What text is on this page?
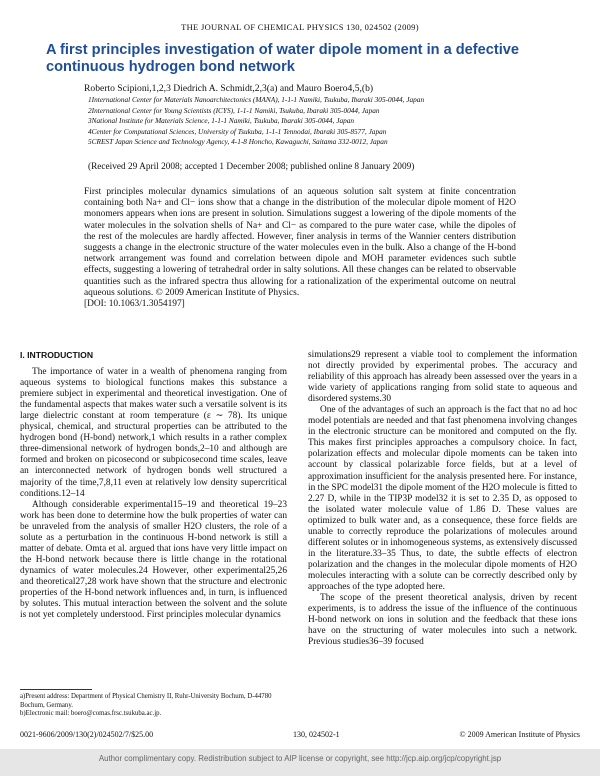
THE JOURNAL OF CHEMICAL PHYSICS 130, 024502 (2009)
A first principles investigation of water dipole moment in a defective continuous hydrogen bond network
Roberto Scipioni,1,2,3 Diedrich A. Schmidt,2,3(a) and Mauro Boero4,5,(b)
1International Center for Materials Nanoarchitectonics (MANA), 1-1-1 Namiki, Tsukuba, Ibaraki 305-0044, Japan
2International Center for Young Scientists (ICYS), 1-1-1 Namiki, Tsukuba, Ibaraki 305-0044, Japan
3National Institute for Materials Science, 1-1-1 Namiki, Tsukuba, Ibaraki 305-0044, Japan
4Center for Computational Sciences, University of Tsukuba, 1-1-1 Tennodai, Ibaraki 305-8577, Japan
5CREST Japan Science and Technology Agency, 4-1-8 Honcho, Kawaguchi, Saitama 332-0012, Japan
(Received 29 April 2008; accepted 1 December 2008; published online 8 January 2009)
First principles molecular dynamics simulations of an aqueous solution salt system at finite concentration containing both Na+ and Cl− ions show that a change in the distribution of the molecular dipole moment of H2O monomers appears when ions are present in solution. Simulations suggest a lowering of the dipole moments of the water molecules in the solvation shells of Na+ and Cl− as compared to the pure water case, while the dipoles of the rest of the molecules are hardly affected. However, finer analysis in terms of the Wannier centers distribution suggests a change in the electronic structure of the water molecules even in the bulk. Also a change of the H-bond network arrangement was found and correlation between dipole and MOH parameter evidences such subtle effects, suggesting a lowering of tetrahedral order in salty solutions. All these changes can be related to observable quantities such as the infrared spectra thus allowing for a rationalization of the experimental outcome on neutral aqueous solutions. © 2009 American Institute of Physics.
[DOI: 10.1063/1.3054197]
I. INTRODUCTION

The importance of water in a wealth of phenomena ranging from aqueous systems to biological functions makes this substance a premiere subject in experimental and theoretical investigation. One of the fundamental aspects that makes water such a versatile solvent is its large dielectric constant at room temperature (ε ∼ 78). Its unique physical, chemical, and structural properties can be attributed to the hydrogen bond (H-bond) network,1 which results in a rather complex three-dimensional network of hydrogen bonds,2–10 and although are formed and broken on picosecond or subpicosecond time scales, leave an interconnected network of hydrogen bonds well structured a majority of the time,7,8,11 even at relatively low density supercritical conditions.12–14

Although considerable experimental15–19 and theoretical 19–23 work has been done to determine how the bulk properties of water can be unraveled from the analysis of smaller H2O clusters, the role of a solute as a perturbation in the continuous H-bond network is still a matter of debate. Omta et al. argued that ions have very little impact on the H-bond network because there is little change in the rotational dynamics of water molecules.24 However, other experimental25,26 and theoretical27,28 work have shown that the structure and electronic properties of the H-bond network influences and, in turn, is influenced by solutes. This mutual interaction between the solvent and the solute is not yet completely understood. First principles molecular dynamics

simulations29 represent a viable tool to complement the information not directly provided by experimental probes. The accuracy and reliability of this approach has already been assessed over the years in a wide variety of applications ranging from solid state to aqueous and disordered systems.30

One of the advantages of such an approach is the fact that no ad hoc model potentials are needed and that fast phenomena involving changes in the electronic structure can be monitored and computed on the fly. This makes first principles approaches a compulsory choice. In fact, polarization effects and molecular dipole moments can be taken into account by classical polarizable force fields, but at a level of approximation insufficient for the analysis presented here. For instance, in the SPC model31 the dipole moment of the H2O molecule is fitted to 2.27 D, while in the TIP3P model32 it is set to 2.35 D, as opposed to the isolated water molecule value of 1.86 D. These values are optimized to bulk water and, as a consequence, these force fields are unable to correctly reproduce the polarizations of molecules around different solutes or in inhomogeneous systems, as extensively discussed in the literature.33–35 Thus, to date, the subtle effects of electron polarization and the changes in the molecular dipole moments of H2O molecules interacting with a solute can be correctly described only by approaches of the type adopted here.

The scope of the present theoretical analysis, driven by recent experiments, is to address the issue of the influence of the continuous H-bond network on ions in solution and the feedback that these ions have on the structuring of water molecules into such a network. Previous studies36–39 focused

a)Present address: Department of Physical Chemistry II, Ruhr-University Bochum, D-44780 Bochum, Germany.
b)Electronic mail: boero@comas.frsc.tsukuba.ac.jp.
0021-9606/2009/130(2)/024502/7/$25.00	130, 024502-1	© 2009 American Institute of Physics
Author complimentary copy. Redistribution subject to AIP license or copyright, see http://jcp.aip.org/jcp/copyright.jsp
